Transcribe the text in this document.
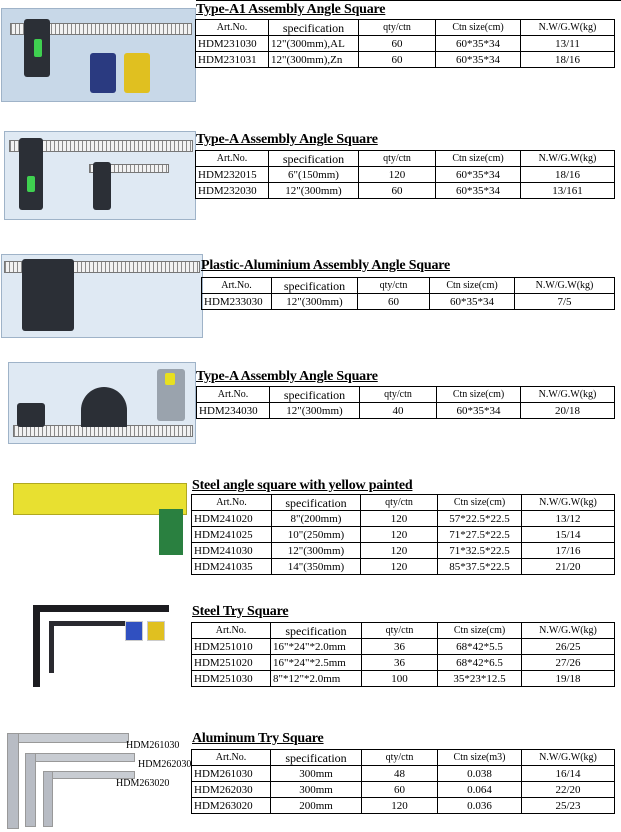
Type-A1 Assembly Angle Square
Art.No.	specification	qty/ctn	Ctn size(cm)	N.W/G.W(kg)
HDM231030	12"(300mm),AL	60	60*35*34	13/11
HDM231031	12"(300mm),Zn	60	60*35*34	18/16
Type-A Assembly Angle Square
Art.No.	specification	qty/ctn	Ctn size(cm)	N.W/G.W(kg)
HDM232015	6"(150mm)	120	60*35*34	18/16
HDM232030	12"(300mm)	60	60*35*34	13/161
Plastic-Aluminium Assembly Angle Square
Art.No.	specification	qty/ctn	Ctn size(cm)	N.W/G.W(kg)
HDM233030	12"(300mm)	60	60*35*34	7/5
Type-A Assembly Angle Square
Art.No.	specification	qty/ctn	Ctn size(cm)	N.W/G.W(kg)
HDM234030	12"(300mm)	40	60*35*34	20/18
Steel angle square with yellow painted
Art.No.	specification	qty/ctn	Ctn size(cm)	N.W/G.W(kg)
HDM241020	8"(200mm)	120	57*22.5*22.5	13/12
HDM241025	10"(250mm)	120	71*27.5*22.5	15/14
HDM241030	12"(300mm)	120	71*32.5*22.5	17/16
HDM241035	14"(350mm)	120	85*37.5*22.5	21/20
Steel Try Square
Art.No.	specification	qty/ctn	Ctn size(cm)	N.W/G.W(kg)
HDM251010	16"*24"*2.0mm	36	68*42*5.5	26/25
HDM251020	16"*24"*2.5mm	36	68*42*6.5	27/26
HDM251030	8"*12"*2.0mm	100	35*23*12.5	19/18
HDM261030
HDM262030
HDM263020
Aluminum Try Square
Art.No.	specification	qty/ctn	Ctn size(m3)	N.W/G.W(kg)
HDM261030	300mm	48	0.038	16/14
HDM262030	300mm	60	0.064	22/20
HDM263020	200mm	120	0.036	25/23
